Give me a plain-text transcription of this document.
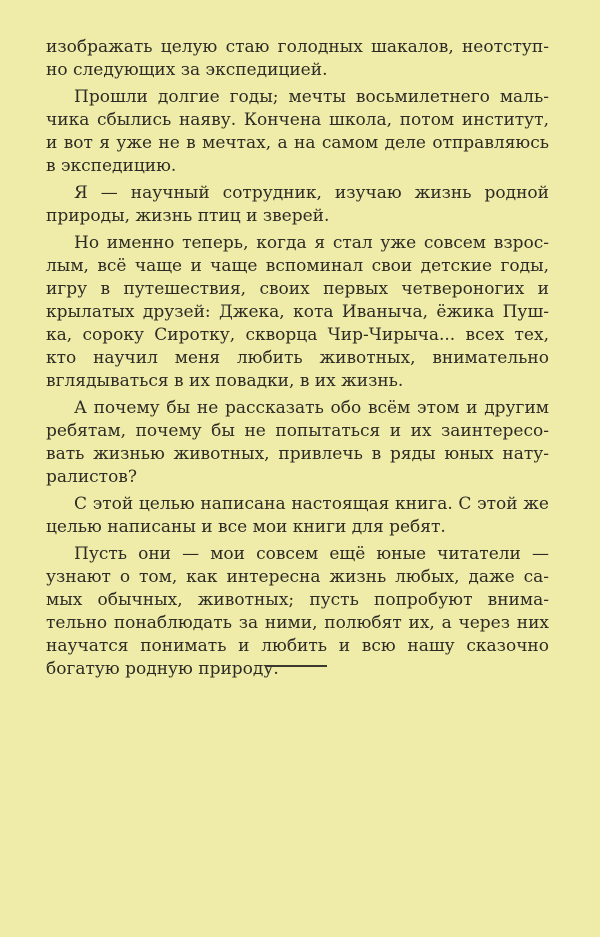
изображать целую стаю голодных шакалов, неотступно следующих за экспедицией.

Прошли долгие годы; мечты восьмилетнего мальчика сбылись наяву. Кончена школа, потом институт, и вот я уже не в мечтах, а на самом деле отправляюсь в экспедицию.

Я — научный сотрудник, изучаю жизнь родной природы, жизнь птиц и зверей.

Но именно теперь, когда я стал уже совсем взрослым, всё чаще и чаще вспоминал свои детские годы, игру в путешествия, своих первых четвероногих и крылатых друзей: Джека, кота Иваныча, ёжика Пушка, сороку Сиротку, скворца Чир-Чирыча... всех тех, кто научил меня любить животных, внимательно вглядываться в их повадки, в их жизнь.

А почему бы не рассказать обо всём этом и другим ребятам, почему бы не попытаться и их заинтересовать жизнью животных, привлечь в ряды юных натуралистов?

С этой целью написана настоящая книга. С этой же целью написаны и все мои книги для ребят.

Пусть они — мои совсем ещё юные читатели — узнают о том, как интересна жизнь любых, даже самых обычных, животных; пусть попробуют внимательно понаблюдать за ними, полюбят их, а через них научатся понимать и любить и всю нашу сказочно богатую родную природу.
